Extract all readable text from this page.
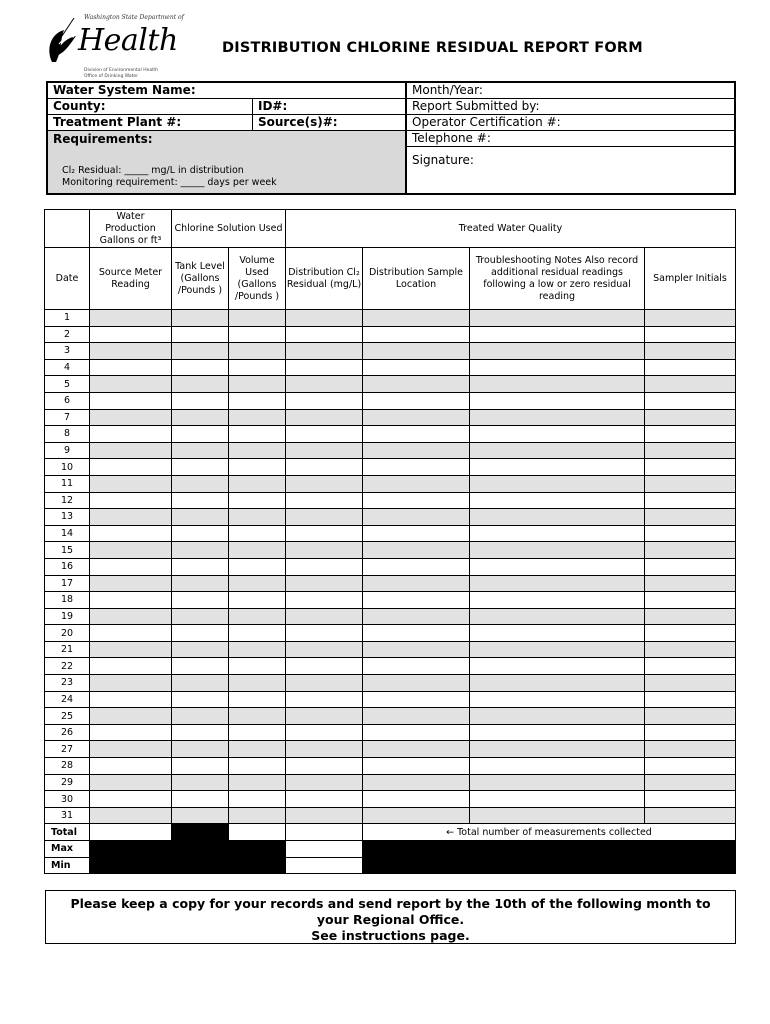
Washington State Department of
Health
Division of Environmental Health
Office of Drinking Water
DISTRIBUTION CHLORINE RESIDUAL REPORT FORM
Water System Name:
County:	ID#:
Treatment Plant #:	Source(s)#:
Requirements:
Cl₂ Residual: _____ mg/L in distribution
Monitoring requirement: _____ days per week
Month/Year:
Report Submitted by:
Operator Certification #:
Telephone #:
Signature:
	Water Production Gallons or ft³	Chlorine Solution Used		Treated Water Quality			
Date	Source Meter Reading	Tank Level (Gallons /Pounds )	Volume Used (Gallons /Pounds )	Distribution Cl₂ Residual (mg/L)	Distribution Sample Location	Troubleshooting Notes Also record additional residual readings following a low or zero residual reading	Sampler Initials
1							
2							
3							
4							
5							
6							
7							
8							
9							
10							
11							
12							
13							
14							
15							
16							
17							
18							
19							
20							
21							
22							
23							
24							
25							
26							
27							
28							
29							
30							
31							
Total					← Total number of measurements collected		
Max							
Min							
Please keep a copy for your records and send report by the 10th of the following month to
your Regional Office.
See instructions page.
